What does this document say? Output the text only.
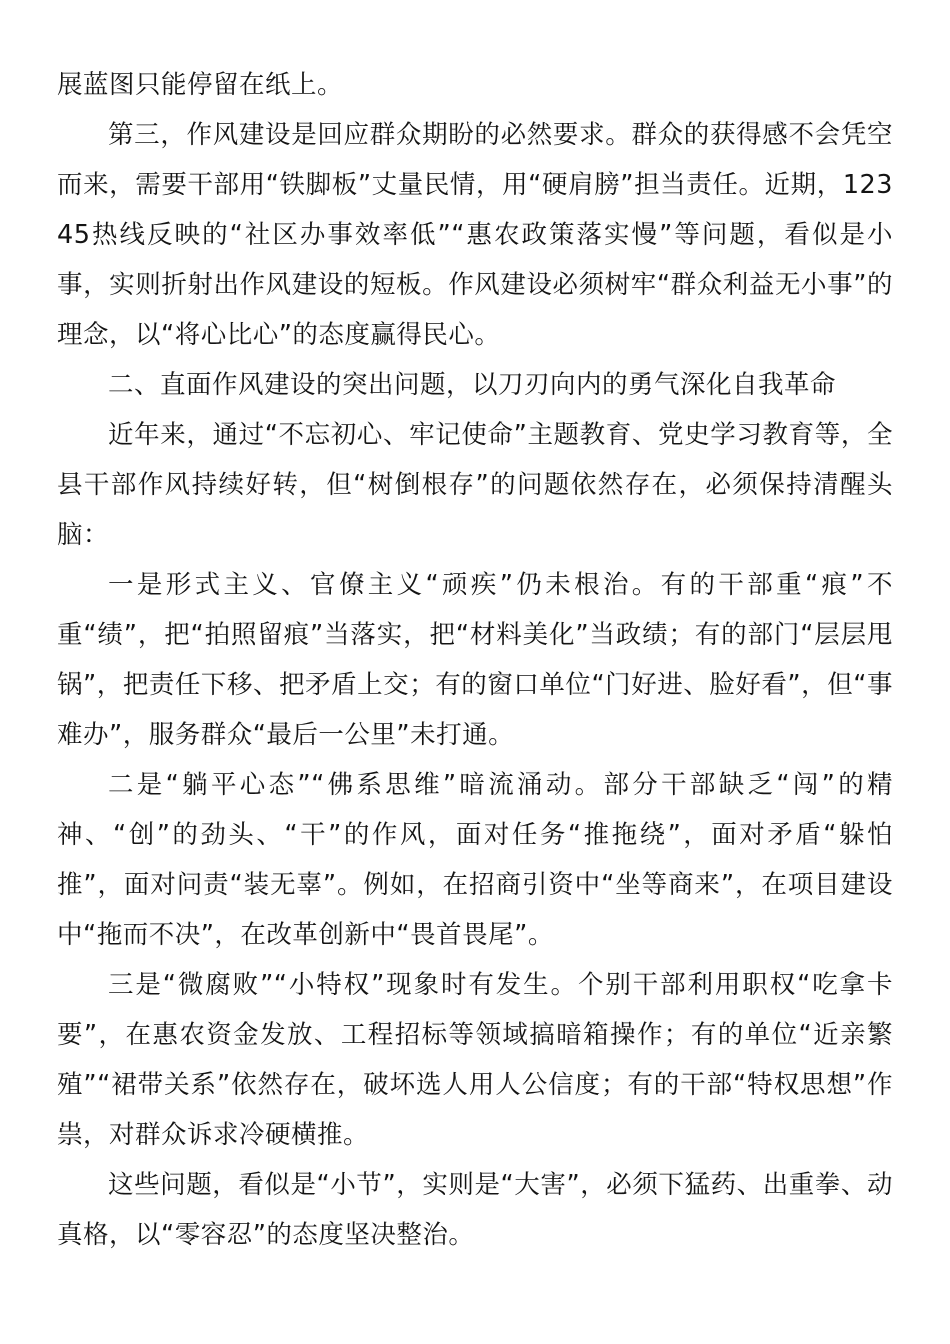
展蓝图只能停留在纸上。

第三，作风建设是回应群众期盼的必然要求。群众的获得感不会凭空而来，需要干部用“铁脚板”丈量民情，用“硬肩膀”担当责任。近期，12345热线反映的“社区办事效率低”“惠农政策落实慢”等问题，看似是小事，实则折射出作风建设的短板。作风建设必须树牢“群众利益无小事”的理念，以“将心比心”的态度赢得民心。

二、直面作风建设的突出问题，以刀刃向内的勇气深化自我革命

近年来，通过“不忘初心、牢记使命”主题教育、党史学习教育等，全县干部作风持续好转，但“树倒根存”的问题依然存在，必须保持清醒头脑：

一是形式主义、官僚主义“顽疾”仍未根治。有的干部重“痕”不重“绩”，把“拍照留痕”当落实，把“材料美化”当政绩；有的部门“层层甩锅”，把责任下移、把矛盾上交；有的窗口单位“门好进、脸好看”，但“事难办”，服务群众“最后一公里”未打通。

二是“躺平心态”“佛系思维”暗流涌动。部分干部缺乏“闯”的精神、“创”的劲头、“干”的作风，面对任务“推拖绕”，面对矛盾“躲怕推”，面对问责“装无辜”。例如，在招商引资中“坐等商来”，在项目建设中“拖而不决”，在改革创新中“畏首畏尾”。

三是“微腐败”“小特权”现象时有发生。个别干部利用职权“吃拿卡要”，在惠农资金发放、工程招标等领域搞暗箱操作；有的单位“近亲繁殖”“裙带关系”依然存在，破坏选人用人公信度；有的干部“特权思想”作祟，对群众诉求冷硬横推。

这些问题，看似是“小节”，实则是“大害”，必须下猛药、出重拳、动真格，以“零容忍”的态度坚决整治。
